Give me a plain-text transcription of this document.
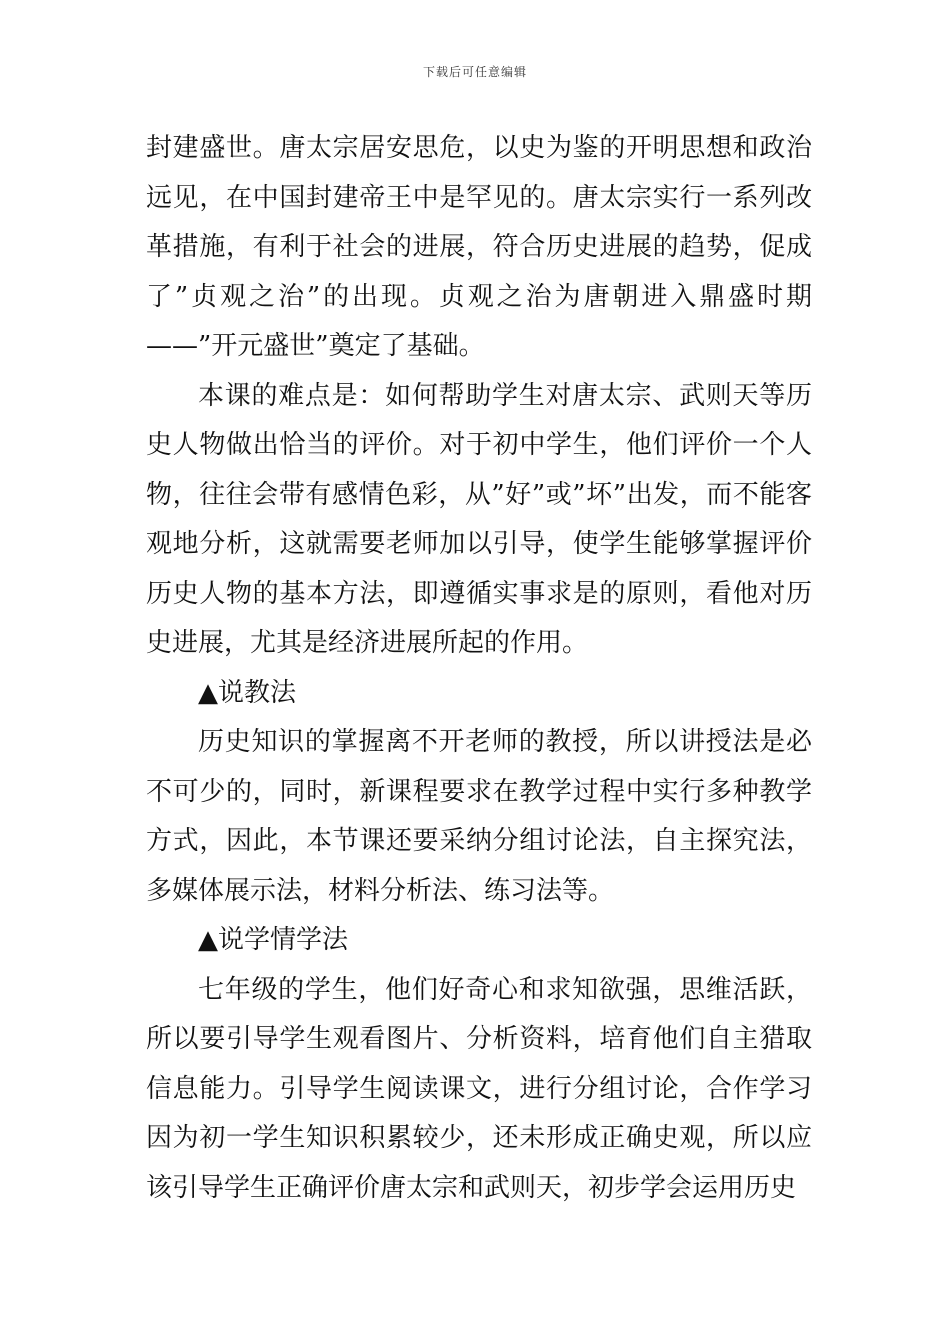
下载后可任意编辑

封建盛世。唐太宗居安思危，以史为鉴的开明思想和政治远见，在中国封建帝王中是罕见的。唐太宗实行一系列改革措施，有利于社会的进展，符合历史进展的趋势，促成了”贞观之治”的出现。贞观之治为唐朝进入鼎盛时期——”开元盛世”奠定了基础。

本课的难点是：如何帮助学生对唐太宗、武则天等历史人物做出恰当的评价。对于初中学生，他们评价一个人物，往往会带有感情色彩，从”好”或”坏”出发，而不能客观地分析，这就需要老师加以引导，使学生能够掌握评价历史人物的基本方法，即遵循实事求是的原则，看他对历史进展，尤其是经济进展所起的作用。

▲说教法

历史知识的掌握离不开老师的教授，所以讲授法是必不可少的，同时，新课程要求在教学过程中实行多种教学方式，因此，本节课还要采纳分组讨论法，自主探究法，多媒体展示法，材料分析法、练习法等。

▲说学情学法

七年级的学生，他们好奇心和求知欲强，思维活跃，所以要引导学生观看图片、分析资料，培育他们自主猎取信息能力。引导学生阅读课文，进行分组讨论，合作学习因为初一学生知识积累较少，还未形成正确史观，所以应该引导学生正确评价唐太宗和武则天，初步学会运用历史
